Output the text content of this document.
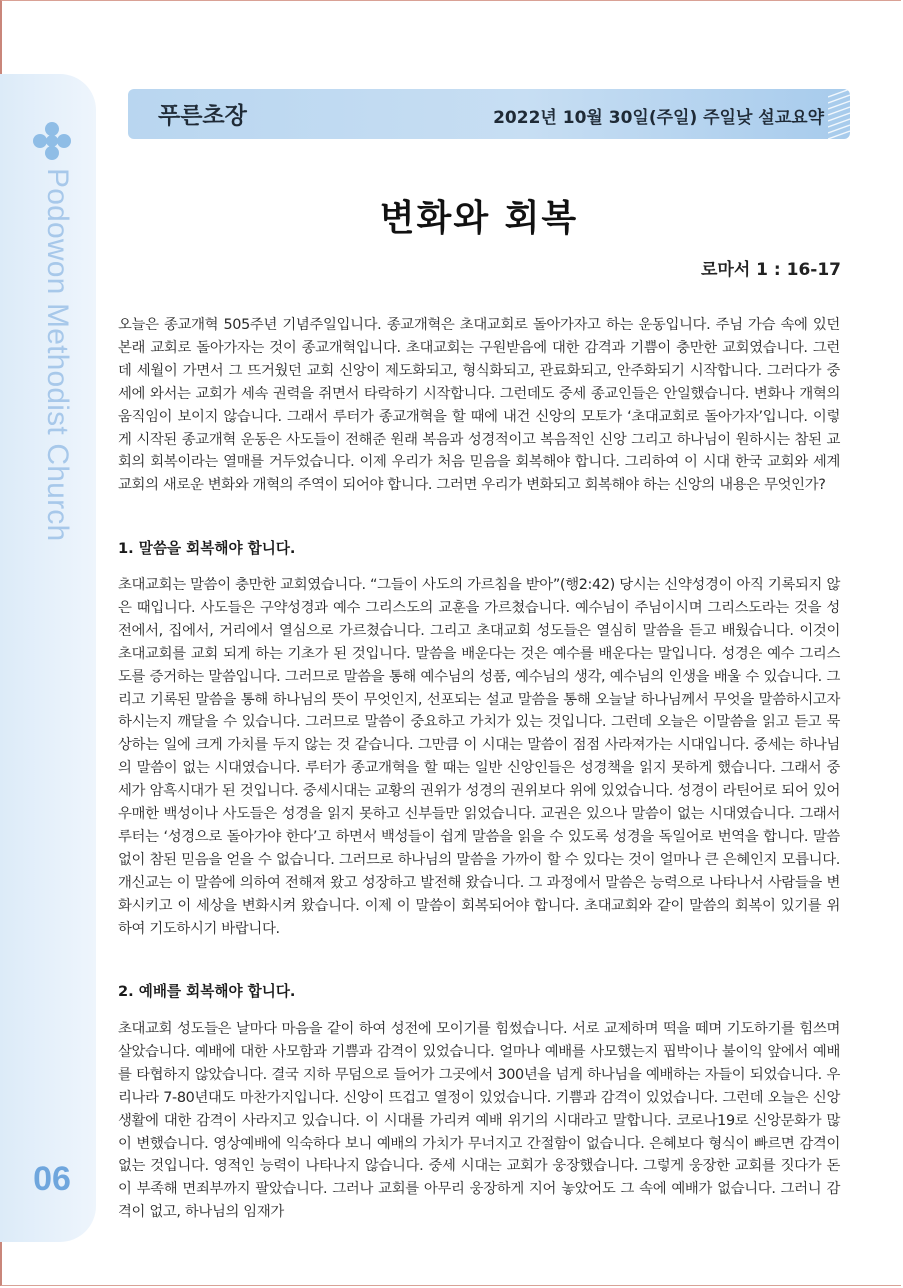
Podowon Methodist Church
06
푸른초장	2022년 10월 30일(주일) 주일낮 설교요약
변화와 회복
로마서 1 : 16-17

오늘은 종교개혁 505주년 기념주일입니다. 종교개혁은 초대교회로 돌아가자고 하는 운동입니다. 주님 가슴 속에 있던 본래 교회로 돌아가자는 것이 종교개혁입니다. 초대교회는 구원받음에 대한 감격과 기쁨이 충만한 교회였습니다. 그런데 세월이 가면서 그 뜨거웠던 교회 신앙이 제도화되고, 형식화되고, 관료화되고, 안주화되기 시작합니다. 그러다가 중세에 와서는 교회가 세속 권력을 쥐면서 타락하기 시작합니다. 그런데도 중세 종교인들은 안일했습니다. 변화나 개혁의 움직임이 보이지 않습니다. 그래서 루터가 종교개혁을 할 때에 내건 신앙의 모토가 ‘초대교회로 돌아가자’입니다. 이렇게 시작된 종교개혁 운동은 사도들이 전해준 원래 복음과 성경적이고 복음적인 신앙 그리고 하나님이 원하시는 참된 교회의 회복이라는 열매를 거두었습니다. 이제 우리가 처음 믿음을 회복해야 합니다. 그리하여 이 시대 한국 교회와 세계 교회의 새로운 변화와 개혁의 주역이 되어야 합니다. 그러면 우리가 변화되고 회복해야 하는 신앙의 내용은 무엇인가?

1. 말씀을 회복해야 합니다.

초대교회는 말씀이 충만한 교회였습니다. “그들이 사도의 가르침을 받아”(행2:42) 당시는 신약성경이 아직 기록되지 않은 때입니다. 사도들은 구약성경과 예수 그리스도의 교훈을 가르쳤습니다. 예수님이 주님이시며 그리스도라는 것을 성전에서, 집에서, 거리에서 열심으로 가르쳤습니다. 그리고 초대교회 성도들은 열심히 말씀을 듣고 배웠습니다. 이것이 초대교회를 교회 되게 하는 기초가 된 것입니다. 말씀을 배운다는 것은 예수를 배운다는 말입니다. 성경은 예수 그리스도를 증거하는 말씀입니다. 그러므로 말씀을 통해 예수님의 성품, 예수님의 생각, 예수님의 인생을 배울 수 있습니다. 그리고 기록된 말씀을 통해 하나님의 뜻이 무엇인지, 선포되는 설교 말씀을 통해 오늘날 하나님께서 무엇을 말씀하시고자 하시는지 깨달을 수 있습니다. 그러므로 말씀이 중요하고 가치가 있는 것입니다. 그런데 오늘은 이말씀을 읽고 듣고 묵상하는 일에 크게 가치를 두지 않는 것 같습니다. 그만큼 이 시대는 말씀이 점점 사라져가는 시대입니다. 중세는 하나님의 말씀이 없는 시대였습니다. 루터가 종교개혁을 할 때는 일반 신앙인들은 성경책을 읽지 못하게 했습니다. 그래서 중세가 암흑시대가 된 것입니다. 중세시대는 교황의 권위가 성경의 권위보다 위에 있었습니다. 성경이 라틴어로 되어 있어 우매한 백성이나 사도들은 성경을 읽지 못하고 신부들만 읽었습니다. 교권은 있으나 말씀이 없는 시대였습니다. 그래서 루터는 ‘성경으로 돌아가야 한다’고 하면서 백성들이 쉽게 말씀을 읽을 수 있도록 성경을 독일어로 번역을 합니다. 말씀 없이 참된 믿음을 얻을 수 없습니다. 그러므로 하나님의 말씀을 가까이 할 수 있다는 것이 얼마나 큰 은혜인지 모릅니다. 개신교는 이 말씀에 의하여 전해져 왔고 성장하고 발전해 왔습니다. 그 과정에서 말씀은 능력으로 나타나서 사람들을 변화시키고 이 세상을 변화시켜 왔습니다. 이제 이 말씀이 회복되어야 합니다. 초대교회와 같이 말씀의 회복이 있기를 위하여 기도하시기 바랍니다.

2. 예배를 회복해야 합니다.

초대교회 성도들은 날마다 마음을 같이 하여 성전에 모이기를 힘썼습니다. 서로 교제하며 떡을 떼며 기도하기를 힘쓰며 살았습니다. 예배에 대한 사모함과 기쁨과 감격이 있었습니다. 얼마나 예배를 사모했는지 핍박이나 불이익 앞에서 예배를 타협하지 않았습니다. 결국 지하 무덤으로 들어가 그곳에서 300년을 넘게 하나님을 예배하는 자들이 되었습니다. 우리나라 7-80년대도 마찬가지입니다. 신앙이 뜨겁고 열정이 있었습니다. 기쁨과 감격이 있었습니다. 그런데 오늘은 신앙생활에 대한 감격이 사라지고 있습니다. 이 시대를 가리켜 예배 위기의 시대라고 말합니다. 코로나19로 신앙문화가 많이 변했습니다. 영상예배에 익숙하다 보니 예배의 가치가 무너지고 간절함이 없습니다. 은혜보다 형식이 빠르면 감격이 없는 것입니다. 영적인 능력이 나타나지 않습니다. 중세 시대는 교회가 웅장했습니다. 그렇게 웅장한 교회를 짓다가 돈이 부족해 면죄부까지 팔았습니다. 그러나 교회를 아무리 웅장하게 지어 놓았어도 그 속에 예배가 없습니다. 그러니 감격이 없고, 하나님의 임재가
